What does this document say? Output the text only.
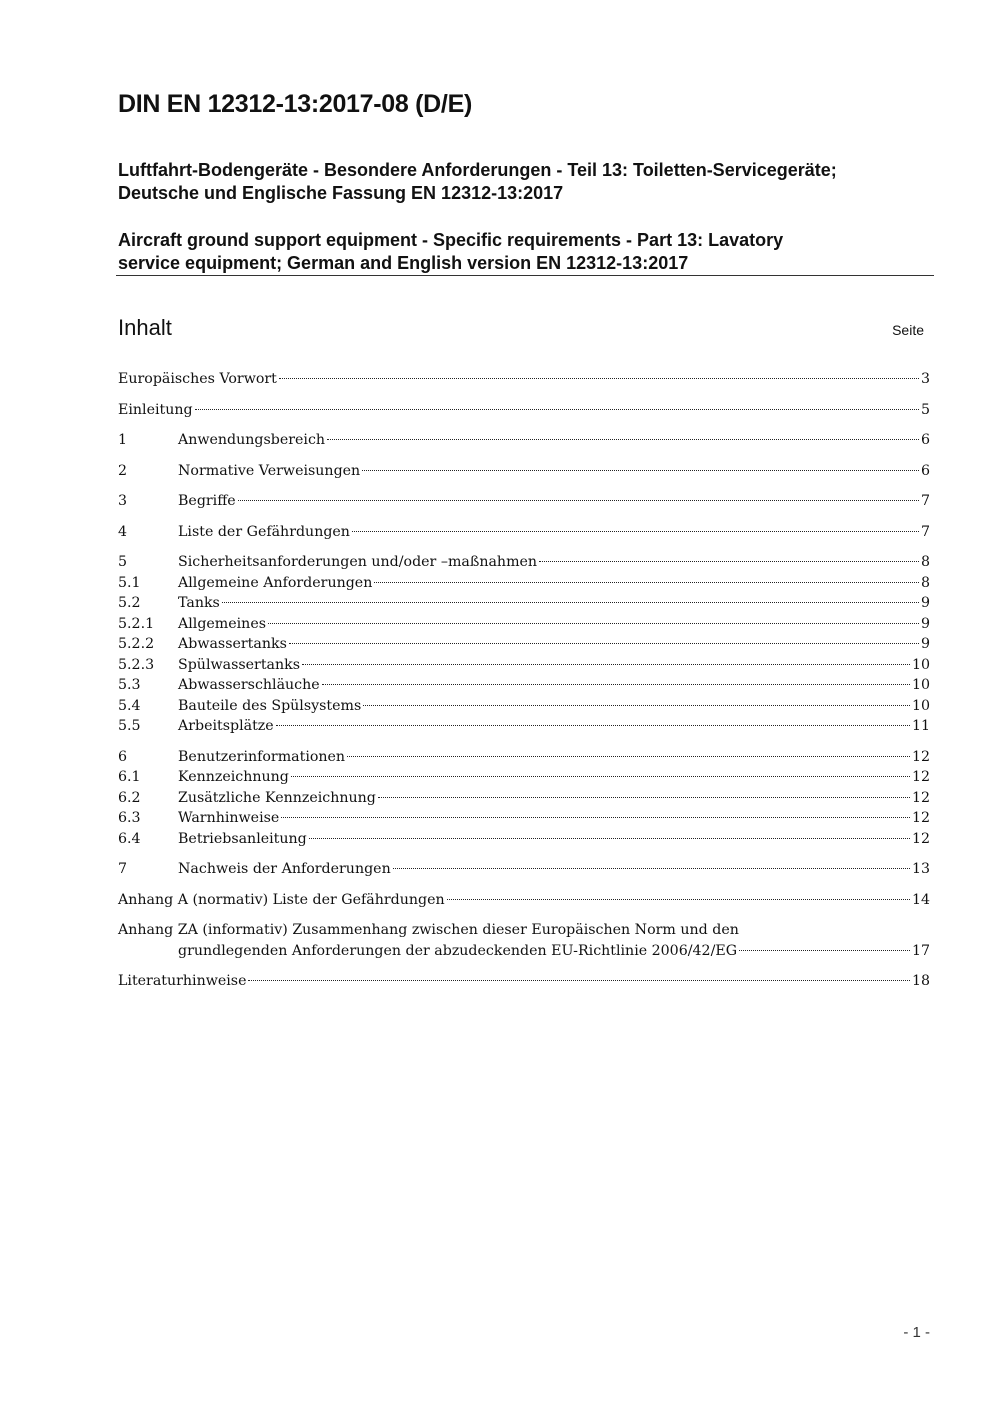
DIN EN 12312-13:2017-08 (D/E)
Luftfahrt-Bodengeräte - Besondere Anforderungen - Teil 13: Toiletten-Servicegeräte;
Deutsche und Englische Fassung EN 12312-13:2017
Aircraft ground support equipment - Specific requirements - Part 13: Lavatory
service equipment; German and English version EN 12312-13:2017
Inhalt	Seite
Europäisches Vorwort	3
Einleitung	5
1	Anwendungsbereich	6
2	Normative Verweisungen	6
3	Begriffe	7
4	Liste der Gefährdungen	7
5	Sicherheitsanforderungen und/oder –maßnahmen	8
5.1	Allgemeine Anforderungen	8
5.2	Tanks	9
5.2.1	Allgemeines	9
5.2.2	Abwassertanks	9
5.2.3	Spülwassertanks	10
5.3	Abwasserschläuche	10
5.4	Bauteile des Spülsystems	10
5.5	Arbeitsplätze	11
6	Benutzerinformationen	12
6.1	Kennzeichnung	12
6.2	Zusätzliche Kennzeichnung	12
6.3	Warnhinweise	12
6.4	Betriebsanleitung	12
7	Nachweis der Anforderungen	13
Anhang A (normativ) Liste der Gefährdungen	14
Anhang ZA (informativ) Zusammenhang zwischen dieser Europäischen Norm und den
grundlegenden Anforderungen der abzudeckenden EU-Richtlinie 2006/42/EG	17
Literaturhinweise	18
- 1 -
